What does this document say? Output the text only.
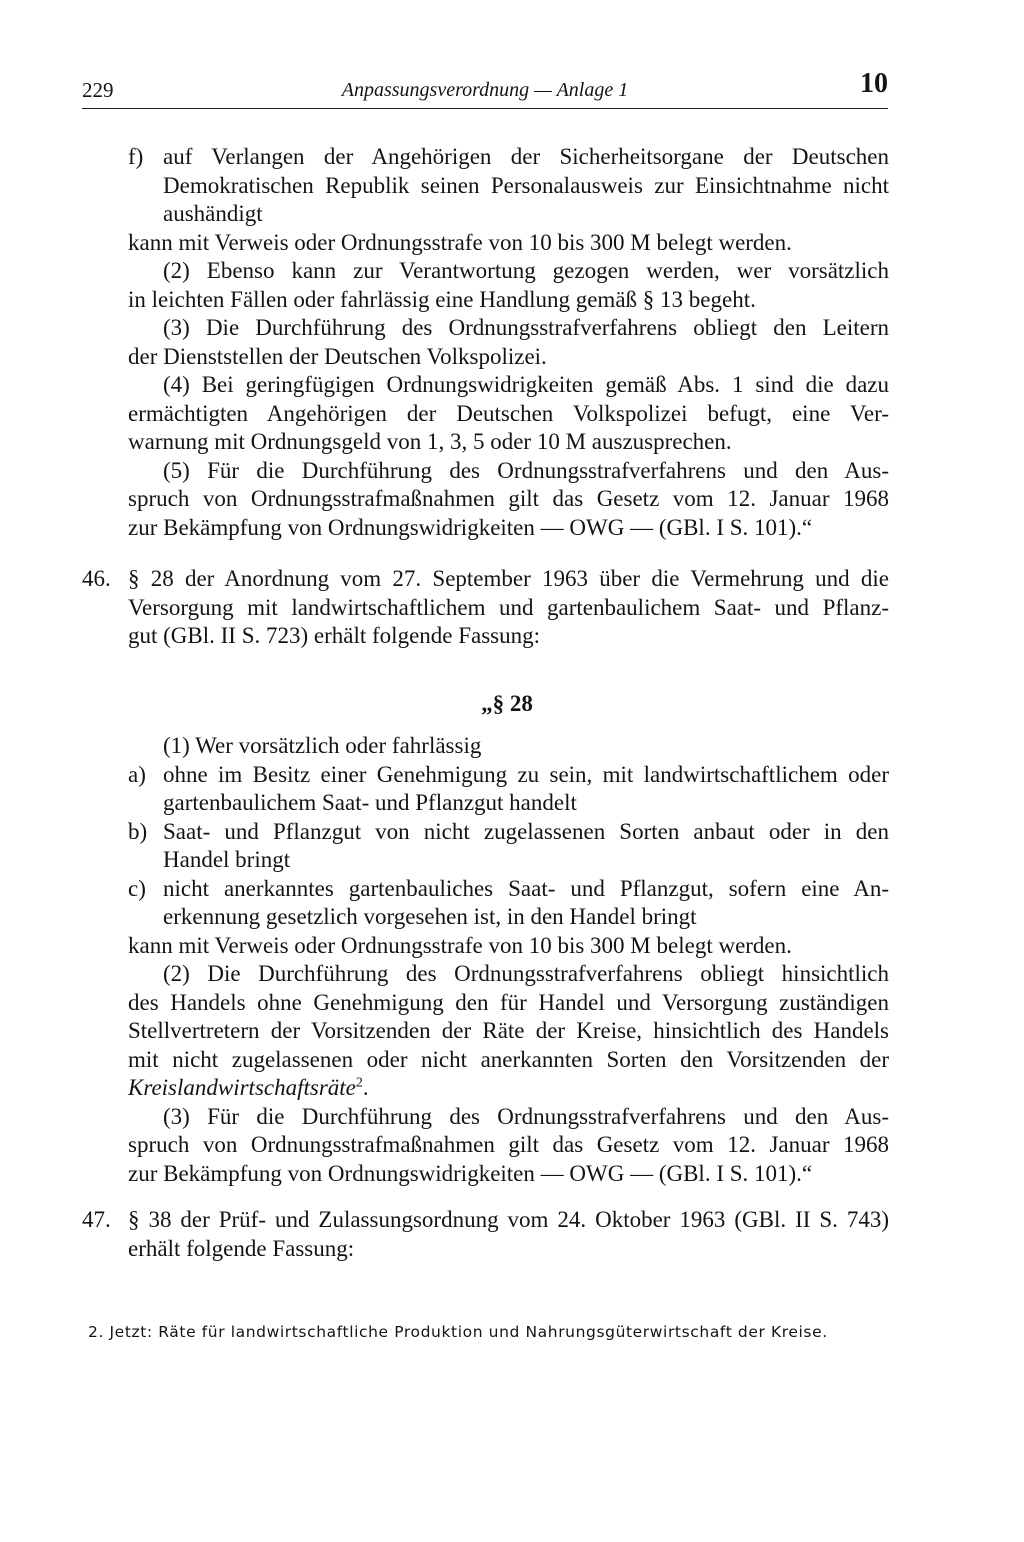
229	Anpassungsverordnung — Anlage 1	10
f) auf Verlangen der Angehörigen der Sicherheitsorgane der Deutschen
Demokratischen Republik seinen Personalausweis zur Einsichtnahme nicht
aushändigt
kann mit Verweis oder Ordnungsstrafe von 10 bis 300 M belegt werden.
(2) Ebenso kann zur Verantwortung gezogen werden, wer vorsätzlich
in leichten Fällen oder fahrlässig eine Handlung gemäß § 13 begeht.
(3) Die Durchführung des Ordnungsstrafverfahrens obliegt den Leitern
der Dienststellen der Deutschen Volkspolizei.
(4) Bei geringfügigen Ordnungswidrigkeiten gemäß Abs. 1 sind die dazu
ermächtigten Angehörigen der Deutschen Volkspolizei befugt, eine Ver-
warnung mit Ordnungsgeld von 1, 3, 5 oder 10 M auszusprechen.
(5) Für die Durchführung des Ordnungsstrafverfahrens und den Aus-
spruch von Ordnungsstrafmaßnahmen gilt das Gesetz vom 12. Januar 1968
zur Bekämpfung von Ordnungswidrigkeiten — OWG — (GBl. I S. 101).“
46. § 28 der Anordnung vom 27. September 1963 über die Vermehrung und die
Versorgung mit landwirtschaftlichem und gartenbaulichem Saat- und Pflanz-
gut (GBl. II S. 723) erhält folgende Fassung:
„§ 28
(1) Wer vorsätzlich oder fahrlässig
a) ohne im Besitz einer Genehmigung zu sein, mit landwirtschaftlichem oder
gartenbaulichem Saat- und Pflanzgut handelt
b) Saat- und Pflanzgut von nicht zugelassenen Sorten anbaut oder in den
Handel bringt
c) nicht anerkanntes gartenbauliches Saat- und Pflanzgut, sofern eine An-
erkennung gesetzlich vorgesehen ist, in den Handel bringt
kann mit Verweis oder Ordnungsstrafe von 10 bis 300 M belegt werden.
(2) Die Durchführung des Ordnungsstrafverfahrens obliegt hinsichtlich
des Handels ohne Genehmigung den für Handel und Versorgung zuständigen
Stellvertretern der Vorsitzenden der Räte der Kreise, hinsichtlich des Handels
mit nicht zugelassenen oder nicht anerkannten Sorten den Vorsitzenden der
Kreislandwirtschaftsräte$^2$.
(3) Für die Durchführung des Ordnungsstrafverfahrens und den Aus-
spruch von Ordnungsstrafmaßnahmen gilt das Gesetz vom 12. Januar 1968
zur Bekämpfung von Ordnungswidrigkeiten — OWG — (GBl. I S. 101).“
47. § 38 der Prüf- und Zulassungsordnung vom 24. Oktober 1963 (GBl. II S. 743)
erhält folgende Fassung:
2. Jetzt: Räte für landwirtschaftliche Produktion und Nahrungsgüterwirtschaft der Kreise.
